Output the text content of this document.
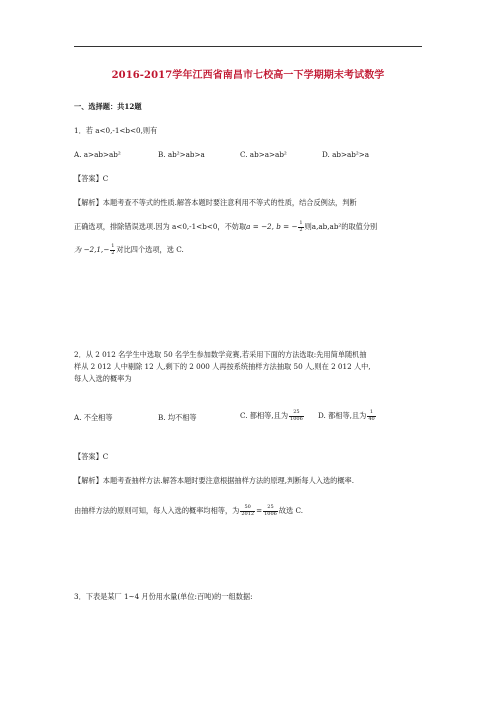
2016-2017学年江西省南昌市七校高一下学期期末考试数学
一、选择题：共12题
1．若 a<0,-1<b<0,则有
A. a>ab>ab²	B. ab²>ab>a	C. ab>a>ab²	D. ab>ab²>a
【答案】C
【解析】本题考查不等式的性质.解答本题时要注意利用不等式的性质，结合反例法，判断
正确选项，排除错误选项.因为 a<0,-1<b<0，不妨取a = −2, b = − $\frac{1}{2}$ 则a,ab,ab²的取值分别
为 $-2,1,- \frac{1}{2}$ 对比四个选项，选 C.
2．从 2 012 名学生中选取 50 名学生参加数学竞赛,若采用下面的方法选取:先用简单随机抽
样从 2 012 人中剔除 12 人,剩下的 2 000 人再按系统抽样方法抽取 50 人,则在 2 012 人中,
每人入选的概率为
A. 不全相等	B. 均不相等	C. 都相等,且为 $\frac{25}{1006} D$. 都相等,且为 $\frac{1}{40}$
【答案】C
【解析】本题考查抽样方法.解答本题时要注意根据抽样方法的原理,判断每人入选的概率.
由抽样方法的原则可知，每人入选的概率均相等，为 $\frac{50}{2012} = \frac{25}{1006}$ 故选 C.
3．下表是某厂 1~4 月份用水量(单位:百吨)的一组数据:
